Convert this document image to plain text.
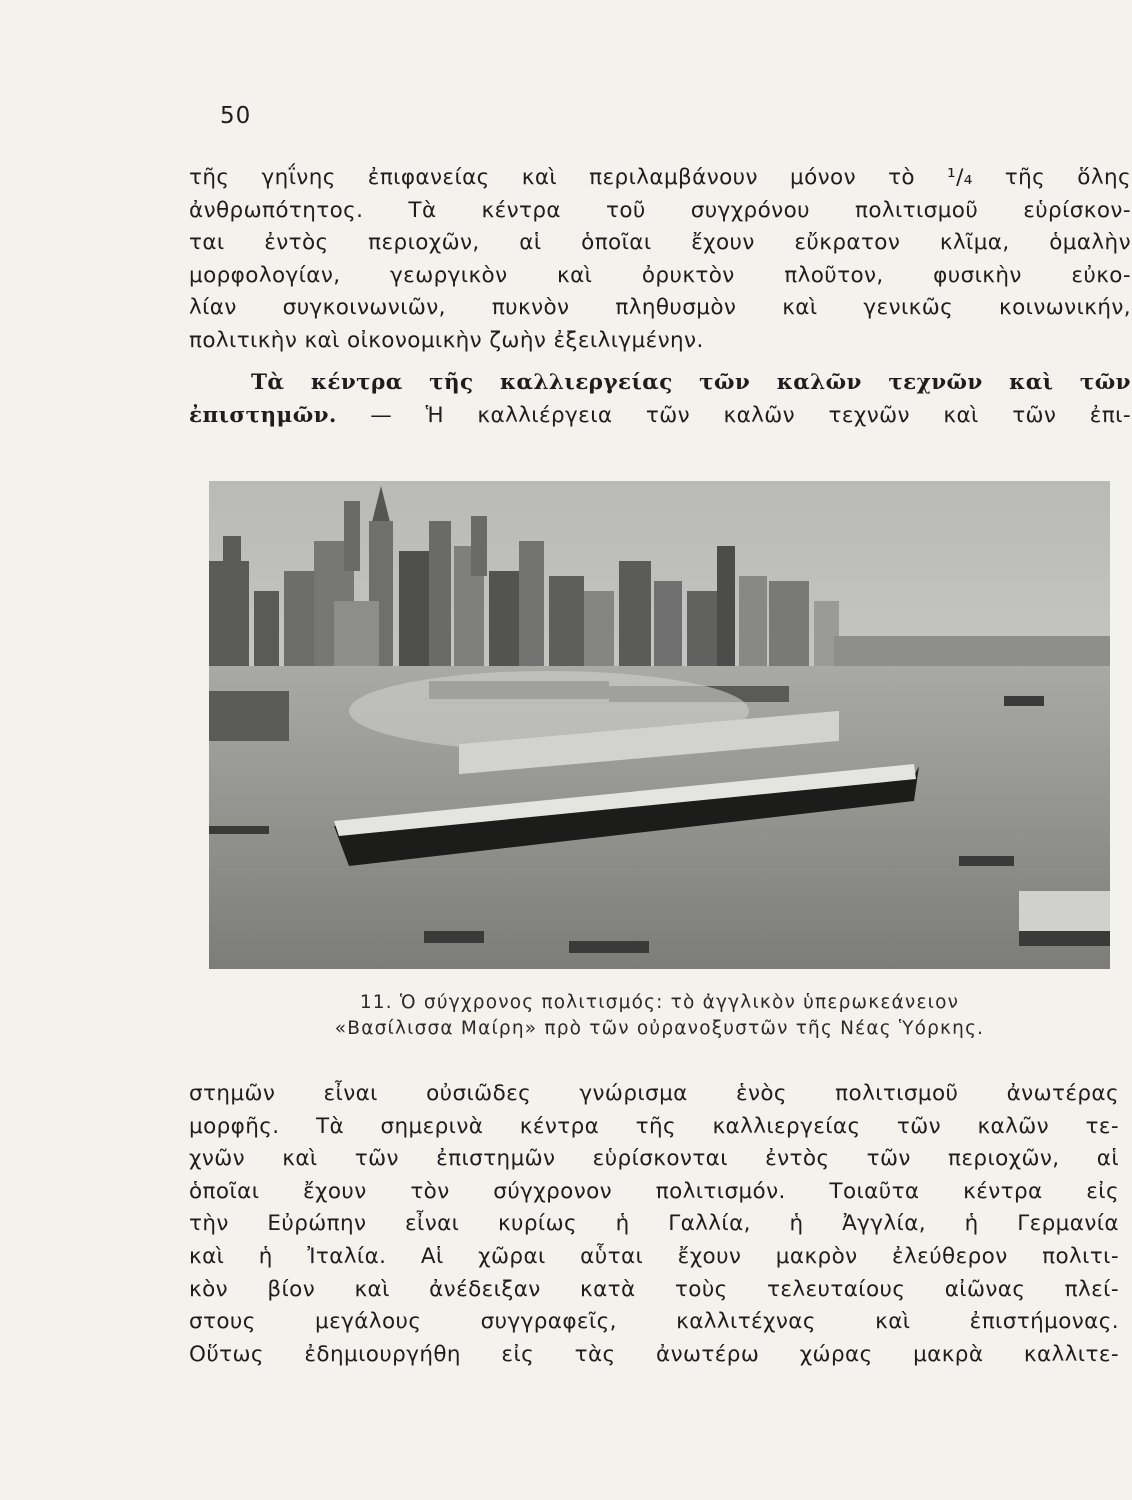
50
τῆς γηΐνης ἐπιφανείας καὶ περιλαμβάνουν μόνον τὸ ¹/₄ τῆς ὅλης
ἀνθρωπότητος. Τὰ κέντρα τοῦ συγχρόνου πολιτισμοῦ εὑρίσκον-
ται ἐντὸς περιοχῶν, αἱ ὁποῖαι ἔχουν εὔκρατον κλῖμα, ὁμαλὴν
μορφολογίαν, γεωργικὸν καὶ ὀρυκτὸν πλοῦτον, φυσικὴν εὐκο-
λίαν συγκοινωνιῶν, πυκνὸν πληθυσμὸν καὶ γενικῶς κοινωνικήν,
πολιτικὴν καὶ οἰκονομικὴν ζωὴν ἐξειλιγμένην.
Τὰ κέντρα τῆς καλλιεργείας τῶν καλῶν τεχνῶν καὶ τῶν
ἐπιστημῶν. — Ἡ καλλιέργεια τῶν καλῶν τεχνῶν καὶ τῶν ἐπι-
11. Ὁ σύγχρονος πολιτισμός: τὸ ἀγγλικὸν ὑπερωκεάνειον
«Βασίλισσα Μαίρη» πρὸ τῶν οὐρανοξυστῶν τῆς Νέας Ὑόρκης.
στημῶν εἶναι οὐσιῶδες γνώρισμα ἑνὸς πολιτισμοῦ ἀνωτέρας
μορφῆς. Τὰ σημερινὰ κέντρα τῆς καλλιεργείας τῶν καλῶν τε-
χνῶν καὶ τῶν ἐπιστημῶν εὑρίσκονται ἐντὸς τῶν περιοχῶν, αἱ
ὁποῖαι ἔχουν τὸν σύγχρονον πολιτισμόν. Τοιαῦτα κέντρα εἰς
τὴν Εὐρώπην εἶναι κυρίως ἡ Γαλλία, ἡ Ἀγγλία, ἡ Γερμανία
καὶ ἡ Ἰταλία. Αἱ χῶραι αὗται ἔχουν μακρὸν ἐλεύθερον πολιτι-
κὸν βίον καὶ ἀνέδειξαν κατὰ τοὺς τελευταίους αἰῶνας πλεί-
στους μεγάλους συγγραφεῖς, καλλιτέχνας καὶ ἐπιστήμονας.
Οὕτως ἐδημιουργήθη εἰς τὰς ἀνωτέρω χώρας μακρὰ καλλιτε-
